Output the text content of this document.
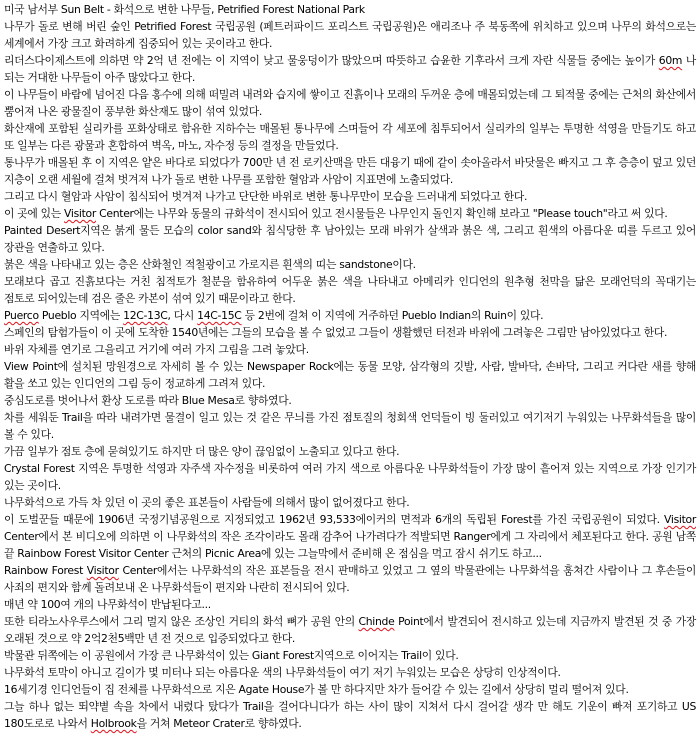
미국 남서부 Sun Belt - 화석으로 변한 나무들, Petrified Forest National Park

나무가 돌로 변해 버린 숲인 Petrified Forest 국립공원 (페트러파이드 포리스트 국립공원)은 애리조나 주 북동쪽에 위치하고 있으며 나무의 화석으로는 세계에서 가장 크고 화려하게 집중되어 있는 곳이라고 한다.

리더스다이제스트에 의하면 약 2억 년 전에는 이 지역이 낮고 물웅덩이가 많았으며 따뜻하고 습윤한 기후라서 크게 자란 식물들 중에는 높이가 60m 나 되는 거대한 나무들이 아주 많았다고 한다.

이 나무들이 바람에 넘어진 다음 홍수에 의해 떠밀려 내려와 습지에 쌓이고 진흙이나 모래의 두꺼운 층에 매몰되었는데 그 퇴적물 중에는 근처의 화산에서 뿜어져 나온 광물질이 풍부한 화산재도 많이 섞여 있었다.

화산재에 포함된 실리카를 포화상태로 함유한 지하수는 매몰된 통나무에 스며들어 각 세포에 침투되어서 실리카의 일부는 투명한 석영을 만들기도 하고 또 일부는 다른 광물과 혼합하여 벽옥, 마노, 자수정 등의 결정을 만들었다.

통나무가 매몰된 후 이 지역은 얕은 바다로 되었다가 700만 년 전 로키산맥을 만든 대융기 때에 같이 솟아올라서 바닷물은 빠지고 그 후 층층이 덮고 있던 지층이 오랜 세월에 걸쳐 벗겨져 나가 돌로 변한 나무를 포함한 혈암과 사암이 지표면에 노출되었다.

그리고 다시 혈암과 사암이 침식되어 벗겨져 나가고 단단한 바위로 변한 통나무만이 모습을 드러내게 되었다고 한다.

이 곳에 있는 Visitor Center에는 나무와 동물의 규화석이 전시되어 있고 전시물들은 나무인지 돌인지 확인해 보라고 "Please touch"라고 써 있다.

Painted Desert지역은 붉게 물든 모습의 color sand와 침식당한 후 남아있는 모래 바위가 살색과 붉은 색, 그리고 흰색의 아름다운 띠를 두르고 있어 장관을 연출하고 있다.

붉은 색을 나타내고 있는 층은 산화철인 적철광이고 가로지른 흰색의 띠는 sandstone이다.

모래보다 곱고 진흙보다는 거친 침적토가 철분을 함유하여 어두운 붉은 색을 나타내고 아메리카 인디언의 원추형 천막을 닮은 모래언덕의 꼭대기는 점토로 되어있는데 검은 줄은 카본이 섞여 있기 때문이라고 한다.

Puerco Pueblo 지역에는 12C-13C, 다시 14C-15C 등 2번에 걸쳐 이 지역에 거주하던 Pueblo Indian의 Ruin이 있다.

스페인의 탐험가들이 이 곳에 도착한 1540년에는 그들의 모습을 볼 수 없었고 그들이 생활했던 터전과 바위에 그려놓은 그림만 남아있었다고 한다.

바위 자체를 연기로 그을리고 거기에 여러 가지 그림을 그려 놓았다.

View Point에 설치된 망원경으로 자세히 볼 수 있는 Newspaper Rock에는 동물 모양, 삼각형의 깃발, 사람, 발바닥, 손바닥, 그리고 커다란 새를 향해 활을 쏘고 있는 인디언의 그림 등이 정교하게 그려져 있다.

중심도로를 벗어나서 환상 도로를 따라 Blue Mesa로 향하였다.

차를 세워둔 Trail을 따라 내려가면 물결이 일고 있는 것 같은 무늬를 가진 점토질의 청회색 언덕들이 빙 둘러있고 여기저기 누워있는 나무화석들을 많이 볼 수 있다.

가끔 일부가 점토 층에 묻혀있기도 하지만 더 많은 양이 끊임없이 노출되고 있다고 한다.

Crystal Forest 지역은 투명한 석영과 자주색 자수정을 비롯하여 여러 가지 색으로 아름다운 나무화석들이 가장 많이 흩어져 있는 지역으로 가장 인기가 있는 곳이다.

나무화석으로 가득 차 있던 이 곳의 좋은 표본들이 사람들에 의해서 많이 없어졌다고 한다.

이 도벌꾼들 때문에 1906년 국정기념공원으로 지정되었고 1962년 93,533에이커의 면적과 6개의 독립된 Forest를 가진 국립공원이 되었다. Visitor Center에서 본 비디오에 의하면 이 나무화석의 작은 조각이라도 몰래 감추어 나가려다가 적발되면 Ranger에게 그 자리에서 체포된다고 한다. 공원 남쪽 끝 Rainbow Forest Visitor Center 근처의 Picnic Area에 있는 그늘막에서 준비해 온 점심을 먹고 잠시 쉬기도 하고...

Rainbow Forest Visitor Center에서는 나무화석의 작은 표본들을 전시 판매하고 있었고 그 옆의 박물관에는 나무화석을 훔쳐간 사람이나 그 후손들이 사죄의 편지와 함께 돌려보내 온 나무화석들이 편지와 나란히 전시되어 있다.

매년 약 100여 개의 나무화석이 반납된다고...

또한 티라노사우루스에서 그리 멀지 않은 조상인 거티의 화석 뼈가 공원 안의 Chinde Point에서 발견되어 전시하고 있는데 지금까지 발견된 것 중 가장 오래된 것으로 약 2억2천5백만 년 전 것으로 입증되었다고 한다.

박물관 뒤쪽에는 이 공원에서 가장 큰 나무화석이 있는 Giant Forest지역으로 이어지는 Trail이 있다.

나무화석 토막이 아니고 길이가 몇 미터나 되는 아름다운 색의 나무화석들이 여기 저기 누워있는 모습은 상당히 인상적이다.

16세기경 인디언들이 집 전체를 나무화석으로 지은 Agate House가 볼 만 하다지만 차가 들어갈 수 있는 길에서 상당히 멀리 떨어져 있다.

그늘 하나 없는 뙤약볕 속을 차에서 내렸다 탔다가 Trail을 걸어다니다가 하는 사이 많이 지쳐서 다시 걸어갈 생각 만 해도 기운이 빠져 포기하고 US 180도로로 나와서 Holbrook을 거쳐 Meteor Crater로 향하였다.
